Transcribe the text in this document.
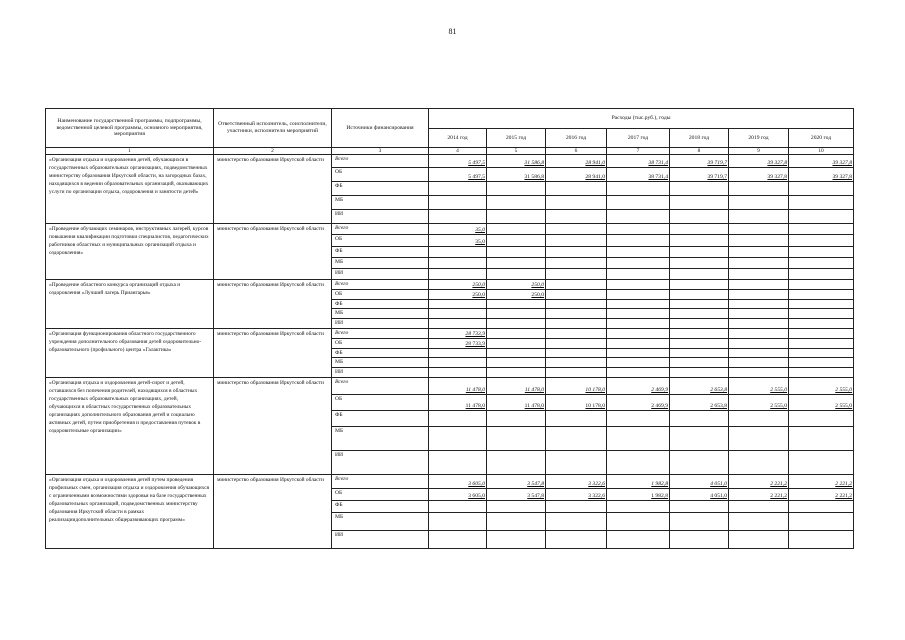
81
Наименование государственной программы, подпрограммы, ведомственной целевой программы, основного мероприятия, мероприятия	Ответственный исполнитель, соисполнители, участники, исполнители мероприятий	Источники финансирования	Расходы (тыс.руб.), годы						
			2014 год	2015 год	2016 год	2017 год	2018 год	2019 год	2020 год
1	2	3	4	5	6	7	8	9	10
«Организация отдыха и оздоровления детей, обучающихся в государственных образовательных организациях, подведомственных министерству образования Иркутской области, на загородных базах, находящихся в ведении образовательных организаций, оказывающих услуги по организации отдыха, оздоровления и занятости детей»	министерство образования Иркутской области	Всего	5 497,5	31 586,8	28 941,0	38 731,4	39 719,7	39 327,8	39 327,8
		ОБ	5 497,5	31 586,8	28 941,0	38 731,4	39 719,7	39 327,8	39 327,8
		ФБ							
		МБ							
		ИИ							
«Проведение обучающих семинаров, инструктивных лагерей, курсов повышения квалификации подготовки специалистов, педагогических работников областных и муниципальных организаций отдыха и оздоровления»	министерство образования Иркутской области	Всего	35,0						
		ОБ	35,0						
		ФБ							
		МБ							
		ИИ							
«Проведение областного конкурса организаций отдыха и оздоровления «Лучший лагерь Приангарья»	министерство образования Иркутской области	Всего	250,0	250,0					
		ОБ	250,0	250,0					
		ФБ							
		МБ							
		ИИ							
«Организация функционирования областного государственного учреждения дополнительного образования детей оздоровительно-образовательного (профильного) центра «Галактика»	министерство образования Иркутской области	Всего	28 733,9						
		ОБ	28 733,9						
		ФБ							
		МБ							
		ИИ							
«Организация отдыха и оздоровления детей-сирот и детей, оставшихся без попечения родителей, находящихся в областных государственных образовательных организациях, детей, обучающихся в областных государственных образовательных организациях дополнительного образования детей и социально активных детей, путем приобретения и предоставления путевок в оздоровительные организации»	министерство образования Иркутской области	Всего	11 478,0	11 478,0	10 178,0	2 469,9	2 653,8	2 555,0	2 555,0
		ОБ	11 478,0	11 478,0	10 178,0	2 469,9	2 653,8	2 555,0	2 555,0
		ФБ							
		МБ							
		ИИ							
«Организация отдыха и оздоровления детей путем проведения профильных смен, организация отдыха и оздоровления обучающихся с ограниченными возможностями здоровья на базе государственных образовательных организаций, подведомственных министерству образования Иркутской области в рамках реализациидополнительных общеразвивающих программ»	министерство образования Иркутской области	Всего	3 605,0	3 547,8	3 322,6	1 982,8	4 051,0	2 221,2	2 221,2
		ОБ	3 605,0	3 547,8	3 322,6	1 982,8	4 051,0	2 221,2	2 221,2
		ФБ							
		МБ							
		ИИ							
